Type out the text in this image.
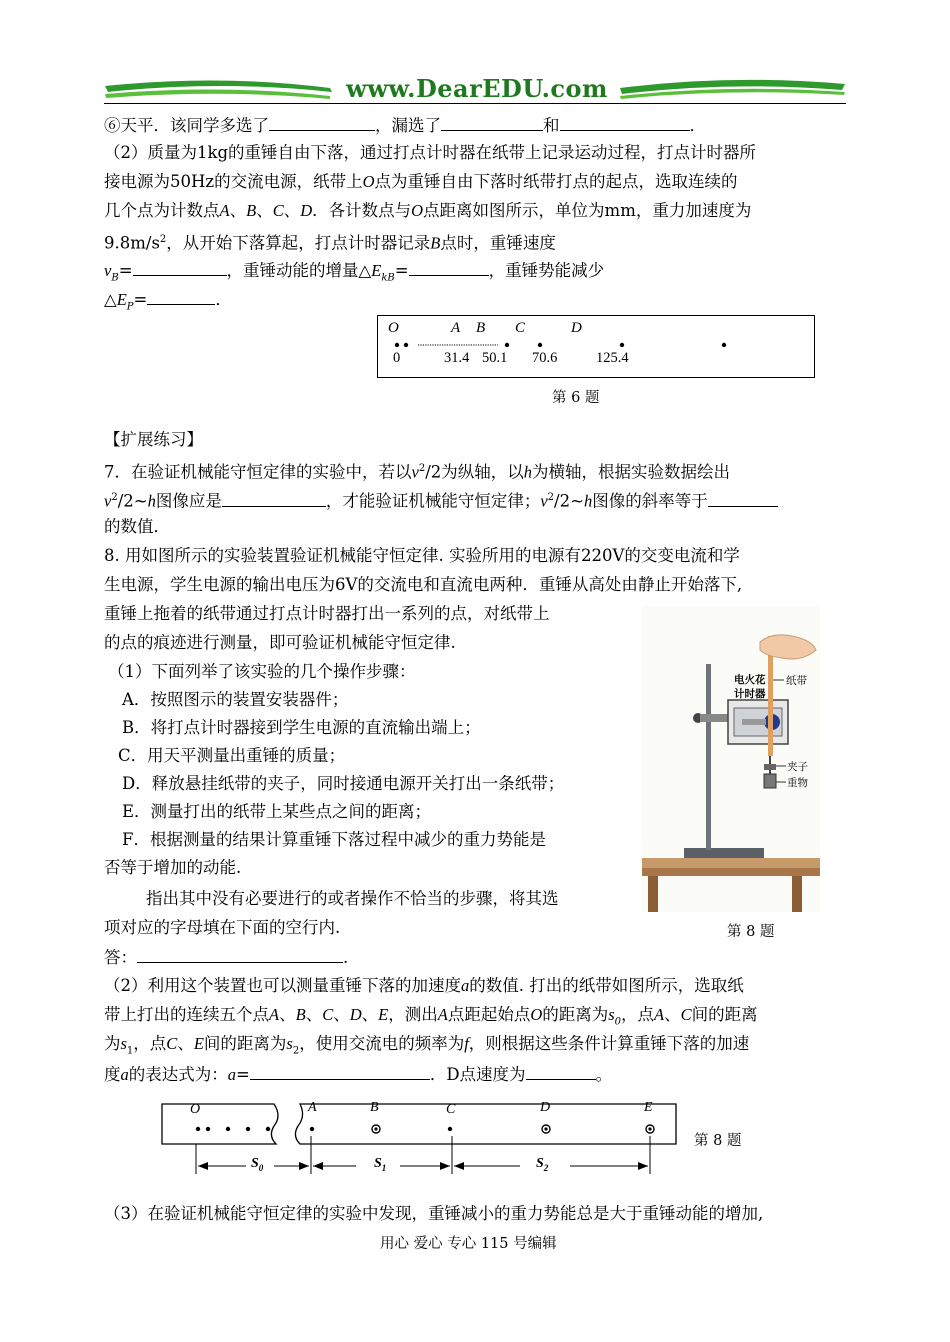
www.DearEDU.com
⑥天平．该同学多选了	，漏选了	和	．
（2）质量为1kg的重锤自由下落，通过打点计时器在纸带上记录运动过程，打点计时器所
接电源为50Hz的交流电源，纸带上O点为重锤自由下落时纸带打点的起点，选取连续的
几个点为计数点A、B、C、D．各计数点与O点距离如图所示，单位为mm，重力加速度为
$9.8m/s^2$，从开始下落算起，打点计时器记录B点时，重锤速度
$v_B=$	，重锤动能的增量$\triangle E_{kB}=$	，重锤势能减少
$\triangle E_P=$	．
O	A B C	D
0	31.4 50.1 70.6	125.4
第 6 题
【扩展练习】
7．在验证机械能守恒定律的实验中，若以$v^2/2$为纵轴，以h为横轴，根据实验数据绘出
$v^2/2\sim h$图像应是	，才能验证机械能守恒定律；$v^2/2\sim h$图像的斜率等于
的数值．
8. 用如图所示的实验装置验证机械能守恒定律. 实验所用的电源有220V的交变电流和学
生电源，学生电源的输出电压为6V的交流电和直流电两种．重锤从高处由静止开始落下,
重锤上拖着的纸带通过打点计时器打出一系列的点，对纸带上
的点的痕迹进行测量，即可验证机械能守恒定律.
（1）下面列举了该实验的几个操作步骤：
A．按照图示的装置安装器件；
B．将打点计时器接到学生电源的直流输出端上；
C．用天平测量出重锤的质量；
D．释放悬挂纸带的夹子，同时接通电源开关打出一条纸带；
E．测量打出的纸带上某些点之间的距离；
F．根据测量的结果计算重锤下落过程中减少的重力势能是
否等于增加的动能.
指出其中没有必要进行的或者操作不恰当的步骤，将其选
项对应的字母填在下面的空行内.
答：	.
电火花
计时器
纸带
夹子
重物
第 8 题
（2）利用这个装置也可以测量重锤下落的加速度a的数值. 打出的纸带如图所示，选取纸
带上打出的连续五个点A、B、C、D、E，测出A点距起始点O的距离为$s_0$，点A、C间的距离
为$s_1$，点C、E间的距离为$s_2$，使用交流电的频率为f，则根据这些条件计算重锤下落的加速
度a的表达式为：a=	．D点速度为	。
O	A	B	C	D	E
$S_0$	$S_1$	$S_2$
第 8 题
（3）在验证机械能守恒定律的实验中发现，重锤减小的重力势能总是大于重锤动能的增加,
用心 爱心 专心 115 号编辑
